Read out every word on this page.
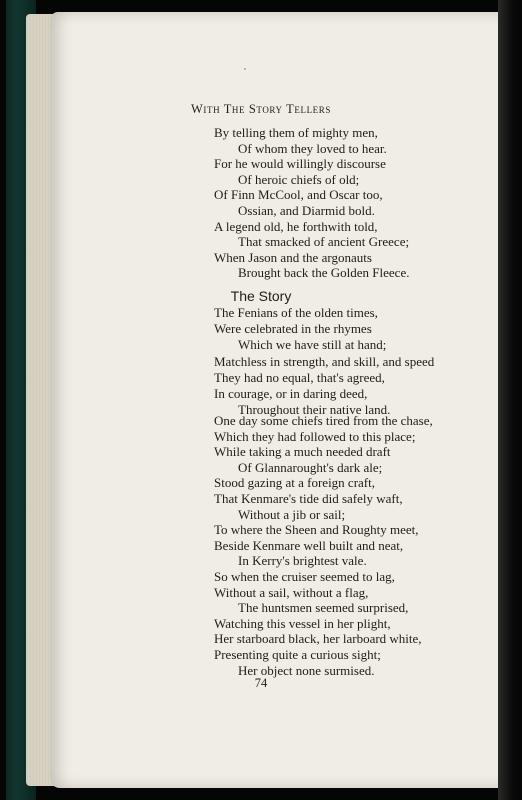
With The Story Tellers
By telling them of mighty men,
Of whom they loved to hear.
For he would willingly discourse
Of heroic chiefs of old;
Of Finn McCool, and Oscar too,
Ossian, and Diarmid bold.
A legend old, he forthwith told,
That smacked of ancient Greece;
When Jason and the argonauts
Brought back the Golden Fleece.
The Story
The Fenians of the olden times,
Were celebrated in the rhymes
Which we have still at hand;
Matchless in strength, and skill, and speed
They had no equal, that's agreed,
In courage, or in daring deed,
Throughout their native land.
One day some chiefs tired from the chase,
Which they had followed to this place;
While taking a much needed draft
Of Glannarought's dark ale;
Stood gazing at a foreign craft,
That Kenmare's tide did safely waft,
Without a jib or sail;
To where the Sheen and Roughty meet,
Beside Kenmare well built and neat,
In Kerry's brightest vale.
So when the cruiser seemed to lag,
Without a sail, without a flag,
The huntsmen seemed surprised,
Watching this vessel in her plight,
Her starboard black, her larboard white,
Presenting quite a curious sight;
Her object none surmised.
74
